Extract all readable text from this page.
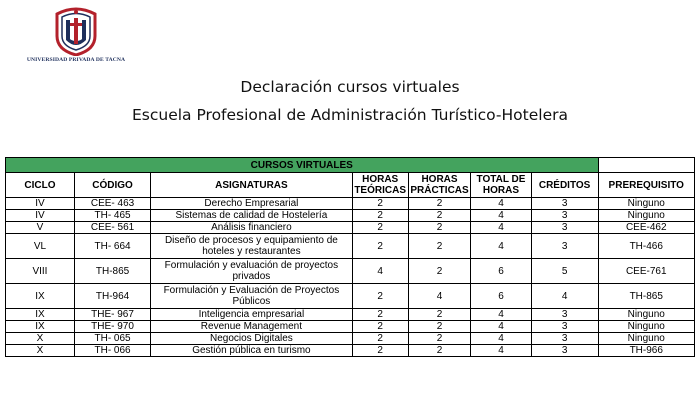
UNIVERSIDAD PRIVADA DE TACNA
Declaración cursos virtuales
Escuela Profesional de Administración Turístico-Hotelera
CURSOS VIRTUALES							
CICLO	CÓDIGO	ASIGNATURAS	HORAS TEÓRICAS	HORAS PRÁCTICAS	TOTAL DE HORAS	CRÉDITOS	PREREQUISITO
IV	CEE- 463	Derecho Empresarial	2	2	4	3	Ninguno
IV	TH- 465	Sistemas de calidad de Hostelería	2	2	4	3	Ninguno
V	CEE- 561	Análisis financiero	2	2	4	3	CEE-462
VL	TH- 664	Diseño de procesos y equipamiento de hoteles y restaurantes	2	2	4	3	TH-466
VIII	TH-865	Formulación y evaluación de proyectos privados	4	2	6	5	CEE-761
IX	TH-964	Formulación y Evaluación de Proyectos Públicos	2	4	6	4	TH-865
IX	THE- 967	Inteligencia empresarial	2	2	4	3	Ninguno
IX	THE- 970	Revenue Management	2	2	4	3	Ninguno
X	TH- 065	Negocios Digitales	2	2	4	3	Ninguno
X	TH- 066	Gestión pública en turismo	2	2	4	3	TH-966
